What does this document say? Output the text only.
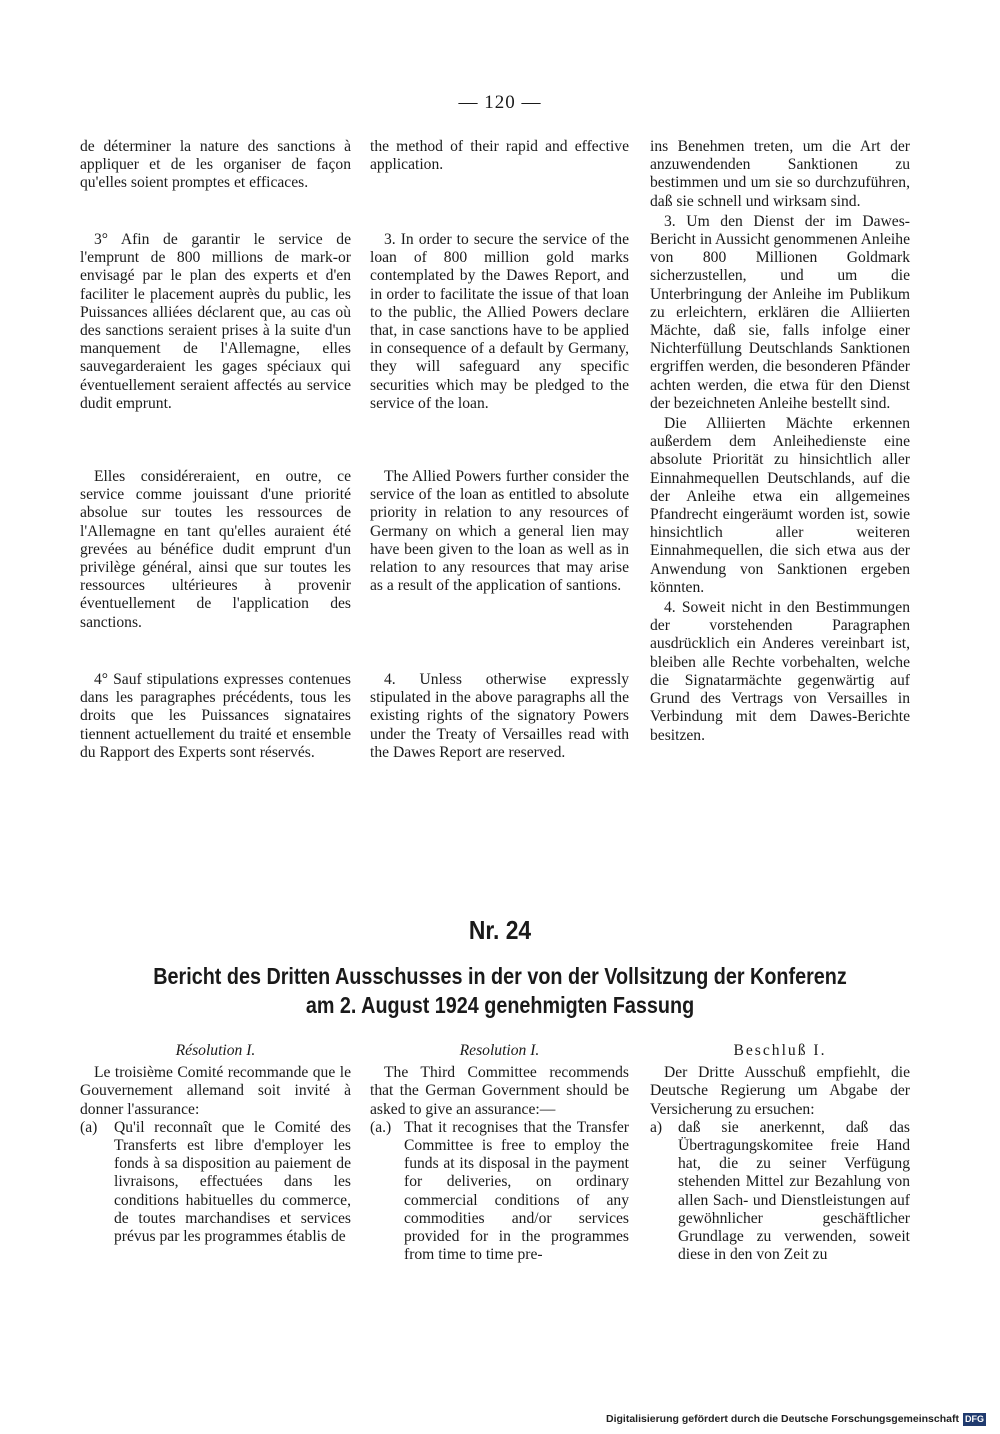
— 120 —

de déterminer la nature des sanctions à appliquer et de les organiser de façon qu'elles soient promptes et efficaces.

3° Afin de garantir le service de l'emprunt de 800 millions de mark-or envisagé par le plan des experts et d'en faciliter le placement auprès du public, les Puissances alliées déclarent que, au cas où des sanctions seraient prises à la suite d'un manquement de l'Allemagne, elles sauvegarderaient les gages spéciaux qui éventuellement seraient affectés au service dudit emprunt.

Elles considéreraient, en outre, ce service comme jouissant d'une priorité absolue sur toutes les ressources de l'Allemagne en tant qu'elles auraient été grevées au bénéfice dudit emprunt d'un privilège général, ainsi que sur toutes les ressources ultérieures à provenir éventuellement de l'application des sanctions.

4° Sauf stipulations expresses contenues dans les paragraphes précédents, tous les droits que les Puissances signataires tiennent actuellement du traité et ensemble du Rapport des Experts sont réservés.

the method of their rapid and effective application.

3. In order to secure the service of the loan of 800 million gold marks contemplated by the Dawes Report, and in order to facilitate the issue of that loan to the public, the Allied Powers declare that, in case sanctions have to be applied in consequence of a default by Germany, they will safeguard any specific securities which may be pledged to the service of the loan.

The Allied Powers further consider the service of the loan as entitled to absolute priority in relation to any resources of Germany on which a general lien may have been given to the loan as well as in relation to any resources that may arise as a result of the application of santions.

4. Unless otherwise expressly stipulated in the above paragraphs all the existing rights of the signatory Powers under the Treaty of Versailles read with the Dawes Report are reserved.

ins Benehmen treten, um die Art der anzuwendenden Sanktionen zu bestimmen und um sie so durchzuführen, daß sie schnell und wirksam sind.

3. Um den Dienst der im Dawes-Bericht in Aussicht genommenen Anleihe von 800 Millionen Goldmark sicherzustellen, und um die Unterbringung der Anleihe im Publikum zu erleichtern, erklären die Alliierten Mächte, daß sie, falls infolge einer Nichterfüllung Deutschlands Sanktionen ergriffen werden, die besonderen Pfänder achten werden, die etwa für den Dienst der bezeichneten Anleihe bestellt sind.

Die Alliierten Mächte erkennen außerdem dem Anleihedienste eine absolute Priorität zu hinsichtlich aller Einnahmequellen Deutschlands, auf die der Anleihe etwa ein allgemeines Pfandrecht eingeräumt worden ist, sowie hinsichtlich aller weiteren Einnahmequellen, die sich etwa aus der Anwendung von Sanktionen ergeben könnten.

4. Soweit nicht in den Bestimmungen der vorstehenden Paragraphen ausdrücklich ein Anderes vereinbart ist, bleiben alle Rechte vorbehalten, welche die Signatarmächte gegenwärtig auf Grund des Vertrags von Versailles in Verbindung mit dem Dawes-Berichte besitzen.

Nr. 24
Bericht des Dritten Ausschusses in der von der Vollsitzung der Konferenz
am 2. August 1924 genehmigten Fassung

Résolution I.

Le troisième Comité recommande que le Gouvernement allemand soit invité à donner l'assurance:

(a)	Qu'il reconnaît que le Comité des Transferts est libre d'employer les fonds à sa disposition au paiement de livraisons, effectuées dans les conditions habituelles du commerce, de toutes marchandises et services prévus par les programmes établis de

Resolution I.

The Third Committee recommends that the German Government should be asked to give an assurance:—

(a.) That it recognises that the Transfer Committee is free to employ the funds at its disposal in the payment for deliveries, on ordinary commercial conditions of any commodities and/or services provided for in the programmes from time to time pre-

Beschluß I.

Der Dritte Ausschuß empfiehlt, die Deutsche Regierung um Abgabe der Versicherung zu ersuchen:

a)	daß sie anerkennt, daß das Übertragungskomitee freie Hand hat, die zu seiner Verfügung stehenden Mittel zur Bezahlung von allen Sach- und Dienstleistungen auf gewöhnlicher geschäftlicher Grundlage zu verwenden, soweit diese in den von Zeit zu
Digitalisierung gefördert durch die Deutsche Forschungsgemeinschaft DFG
